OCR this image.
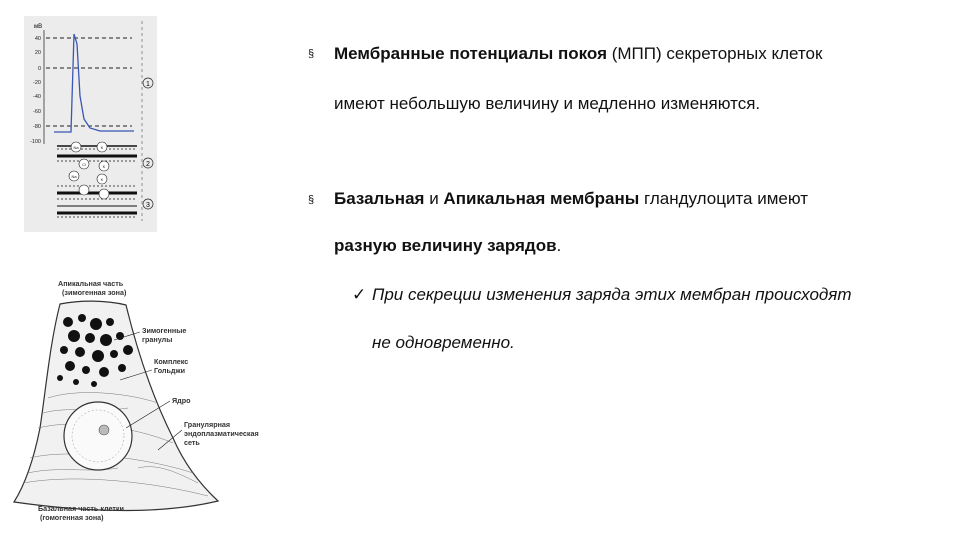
мВ
40
20
0
-20
-40
-60
-80
-100
1
2
3
Na	K
Cl	K
Na
K
Апикальная часть
(зимогенная зона)
Зимогенные
гранулы
Комплекс
Гольджи
Ядро
Гранулярная
эндоплазматическая
сеть
Базальная часть клетки
(гомогенная зона)
§ Мембранные потенциалы покоя (МПП) секреторных клеток
имеют небольшую величину и медленно изменяются.
§ Базальная и Апикальная мембраны гландулоцита имеют
разную величину зарядов.
✓ При секреции изменения заряда этих мембран происходят
не одновременно.
